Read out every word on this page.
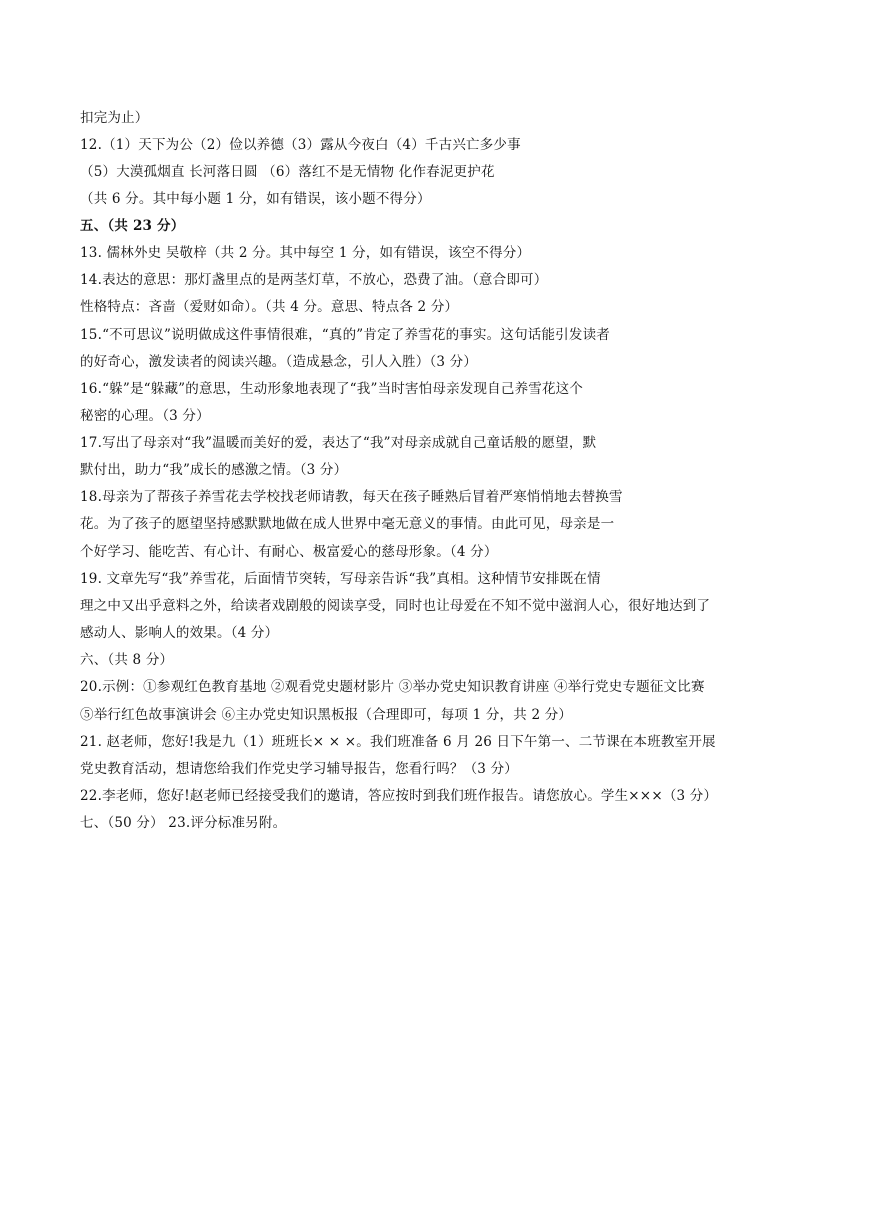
扣完为止）
12.（1）天下为公（2）俭以养德（3）露从今夜白（4）千古兴亡多少事
（5）大漠孤烟直 长河落日圆 （6）落红不是无情物 化作春泥更护花
（共 6 分。其中每小题 1 分，如有错误，该小题不得分）
五、（共 23 分）
13. 儒林外史 吴敬梓（共 2 分。其中每空 1 分，如有错误，该空不得分）
14.表达的意思：那灯盏里点的是两茎灯草，不放心，恐费了油。（意合即可）
性格特点：吝啬（爱财如命）。（共 4 分。意思、特点各 2 分）
15.“不可思议”说明做成这件事情很难，“真的”肯定了养雪花的事实。这句话能引发读者
的好奇心，激发读者的阅读兴趣。（造成悬念，引人入胜）（3 分）
16.“躲”是“躲藏”的意思，生动形象地表现了“我”当时害怕母亲发现自己养雪花这个
秘密的心理。（3 分）
17.写出了母亲对“我”温暖而美好的爱，表达了“我”对母亲成就自己童话般的愿望，默
默付出，助力“我”成长的感激之情。（3 分）
18.母亲为了帮孩子养雪花去学校找老师请教，每天在孩子睡熟后冒着严寒悄悄地去替换雪
花。为了孩子的愿望坚持感默默地做在成人世界中毫无意义的事情。由此可见，母亲是一
个好学习、能吃苦、有心计、有耐心、极富爱心的慈母形象。（4 分）
19. 文章先写“我”养雪花，后面情节突转，写母亲告诉“我”真相。这种情节安排既在情
理之中又出乎意料之外，给读者戏剧般的阅读享受，同时也让母爱在不知不觉中滋润人心，很好地达到了
感动人、影响人的效果。（4 分）
六、（共 8 分）
20.示例：①参观红色教育基地 ②观看党史题材影片 ③举办党史知识教育讲座 ④举行党史专题征文比赛
⑤举行红色故事演讲会 ⑥主办党史知识黑板报（合理即可，每项 1 分，共 2 分）
21. 赵老师，您好!我是九（1）班班长× × ×。我们班准备 6 月 26 日下午第一、二节课在本班教室开展
党史教育活动，想请您给我们作党史学习辅导报告，您看行吗？（3 分）
22.李老师，您好!赵老师已经接受我们的邀请，答应按时到我们班作报告。请您放心。学生×××（3 分）
七、（50 分） 23.评分标准另附。
